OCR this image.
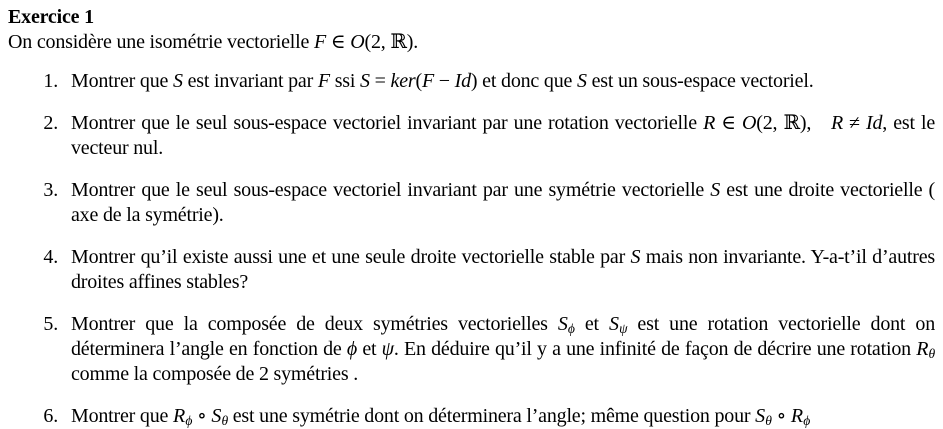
Exercice 1
On considère une isométrie vectorielle F ∈ O(2, ℝ).
1. Montrer que S est invariant par F ssi S = ker(F − Id) et donc que S est un sous-espace vectoriel.
2. Montrer que le seul sous-espace vectoriel invariant par une rotation vectorielle R ∈ O(2, ℝ), R ≠ Id, est le vecteur nul.
3. Montrer que le seul sous-espace vectoriel invariant par une symétrie vectorielle S est une droite vectorielle ( axe de la symétrie).
4. Montrer qu’il existe aussi une et une seule droite vectorielle stable par S mais non invariante. Y-a-t’il d’autres droites affines stables?
5. Montrer que la composée de deux symétries vectorielles $S_\phi$ et $S_\psi$ est une rotation vectorielle dont on déterminera l’angle en fonction de ϕ et ψ. En déduire qu’il y a une infinité de façon de décrire une rotation $R_\theta$ comme la composée de 2 symétries .
6. Montrer que $R_\phi$ ∘ $S_\theta$ est une symétrie dont on déterminera l’angle; même question pour $S_\theta$ ∘ $R_\phi$
